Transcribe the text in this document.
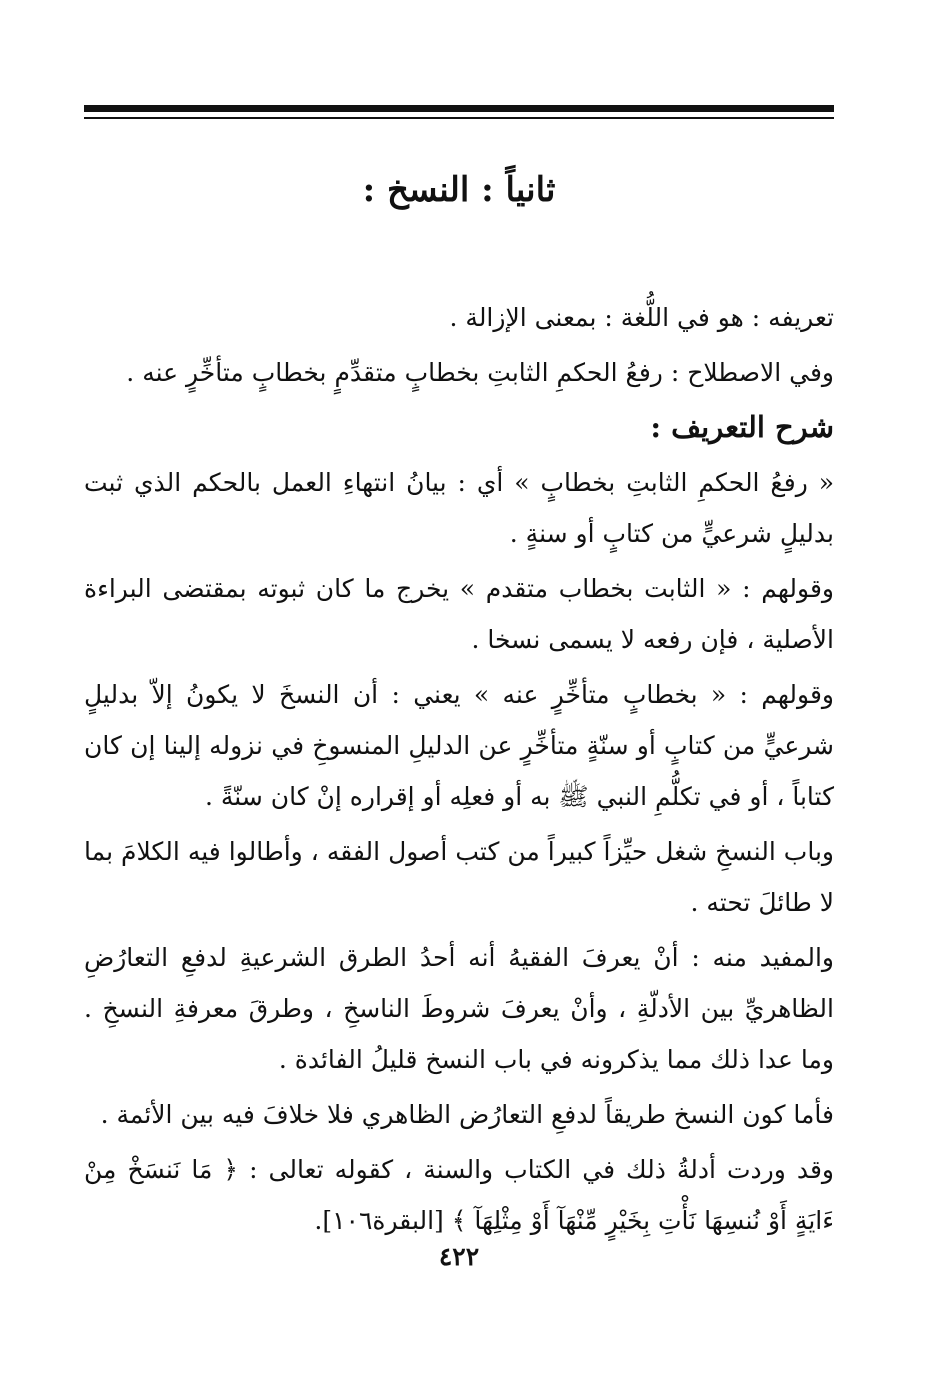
ثانياً : النسخ :

تعريفه : هو في اللُّغة : بمعنى الإزالة .

وفي الاصطلاح : رفعُ الحكمِ الثابتِ بخطابٍ متقدِّمٍ بخطابٍ متأخِّرٍ عنه .

شرح التعريف :

« رفعُ الحكمِ الثابتِ بخطابٍ » أي : بيانُ انتهاءِ العمل بالحكم الذي ثبت بدليلٍ شرعيٍّ من كتابٍ أو سنةٍ .

وقولهم : « الثابت بخطاب متقدم » يخرج ما كان ثبوته بمقتضى البراءة الأصلية ، فإن رفعه لا يسمى نسخا .

وقولهم : « بخطابٍ متأخِّرٍ عنه » يعني : أن النسخَ لا يكونُ إلاّ بدليلٍ شرعيٍّ من كتابٍ أو سنّةٍ متأخِّرٍ عن الدليلِ المنسوخِ في نزوله إلينا إن كان كتاباً ، أو في تكلُّمِ النبي ﷺ به أو فعلِه أو إقراره إنْ كان سنّةً .

وباب النسخِ شغل حيِّزاً كبيراً من كتب أصول الفقه ، وأطالوا فيه الكلامَ بما لا طائلَ تحته .

والمفيد منه : أنْ يعرفَ الفقيهُ أنه أحدُ الطرق الشرعيةِ لدفعِ التعارُضِ الظاهريِّ بين الأدلّةِ ، وأنْ يعرفَ شروطَ الناسخِ ، وطرقَ معرفةِ النسخِ . وما عدا ذلك مما يذكرونه في باب النسخ قليلُ الفائدة .

فأما كون النسخ طريقاً لدفعِ التعارُض الظاهري فلا خلافَ فيه بين الأئمة .

وقد وردت أدلةُ ذلك في الكتاب والسنة ، كقوله تعالى : ﴿ مَا نَنسَخْ مِنْ ءَايَةٍ أَوْ نُنسِهَا نَأْتِ بِخَيْرٍ مِّنْهَآ أَوْ مِثْلِهَآ ﴾ [البقرة١٠٦].

٤٢٢
